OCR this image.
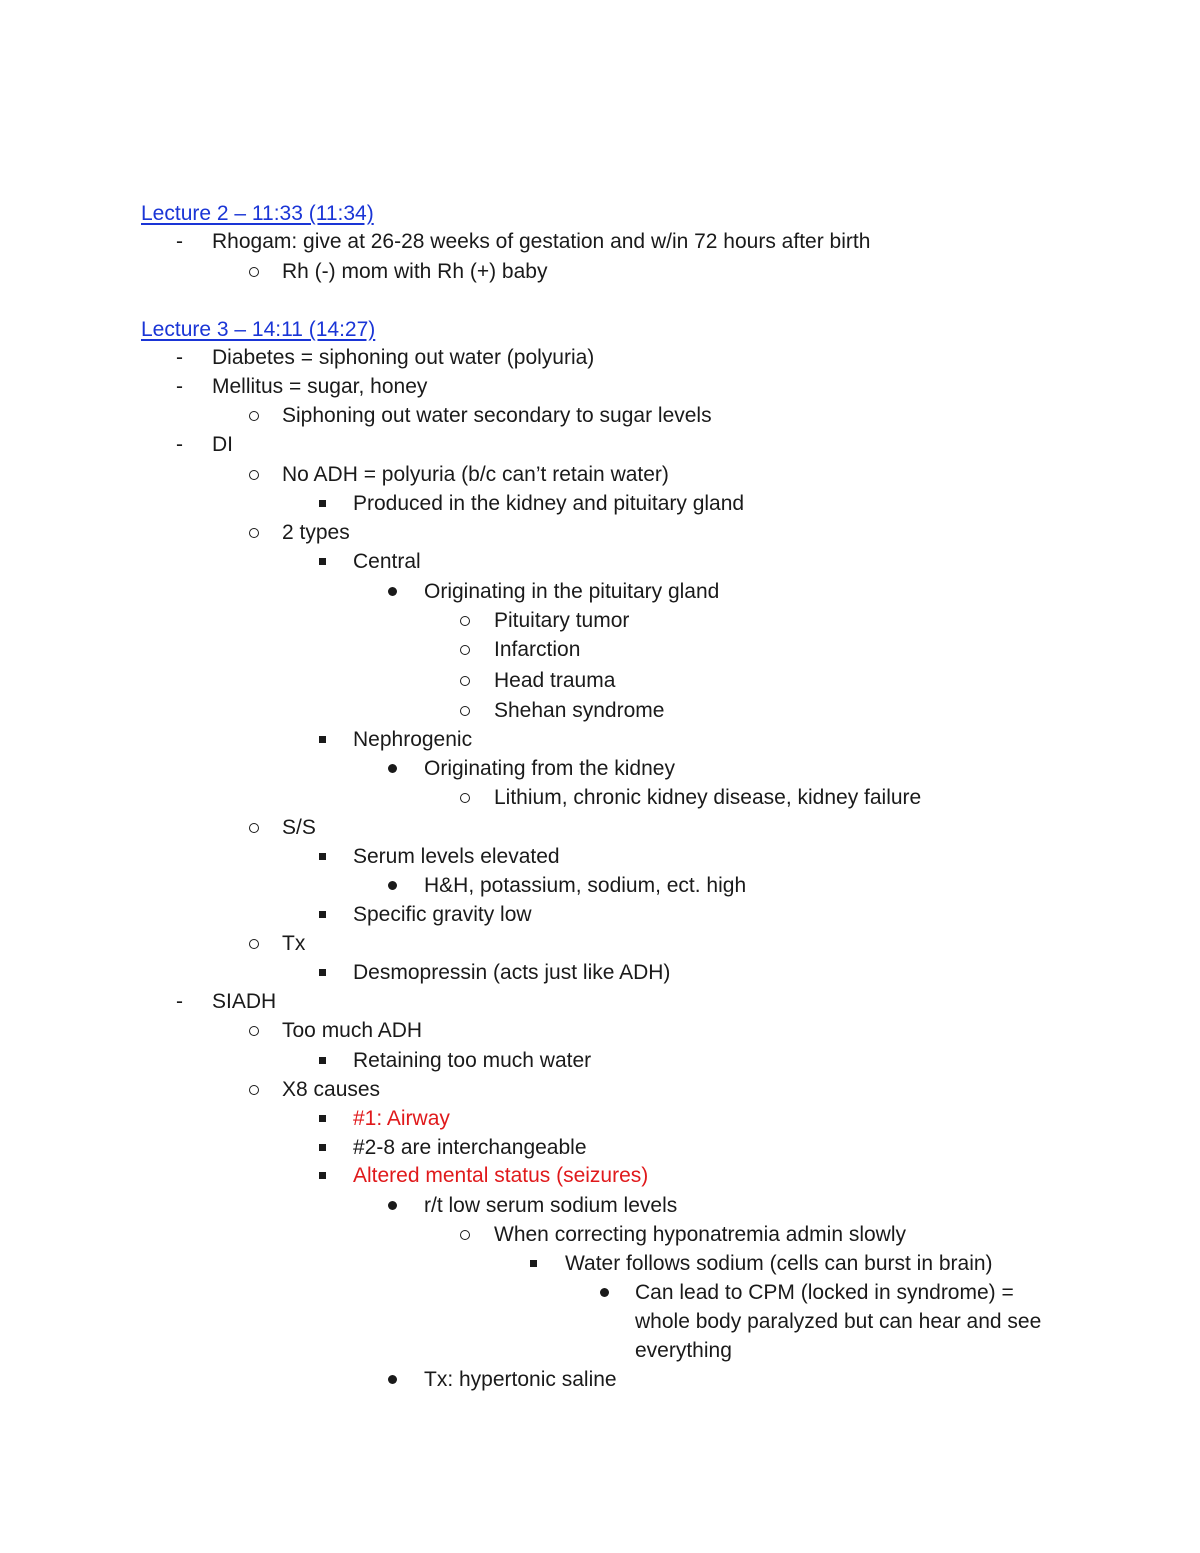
Lecture 2 – 11:33 (11:34)
- Rhogam: give at 26-28 weeks of gestation and w/in 72 hours after birth
Rh (-) mom with Rh (+) baby
Lecture 3 – 14:11 (14:27)
- Diabetes = siphoning out water (polyuria)
- Mellitus = sugar, honey
Siphoning out water secondary to sugar levels
- DI
No ADH = polyuria (b/c can’t retain water)
Produced in the kidney and pituitary gland
2 types
Central
Originating in the pituitary gland
Pituitary tumor
Infarction
Head trauma
Shehan syndrome
Nephrogenic
Originating from the kidney
Lithium, chronic kidney disease, kidney failure
S/S
Serum levels elevated
H&H, potassium, sodium, ect. high
Specific gravity low
Tx
Desmopressin (acts just like ADH)
- SIADH
Too much ADH
Retaining too much water
X8 causes
#1: Airway
#2-8 are interchangeable
Altered mental status (seizures)
r/t low serum sodium levels
When correcting hyponatremia admin slowly
Water follows sodium (cells can burst in brain)
Can lead to CPM (locked in syndrome) =
whole body paralyzed but can hear and see
everything
Tx: hypertonic saline
